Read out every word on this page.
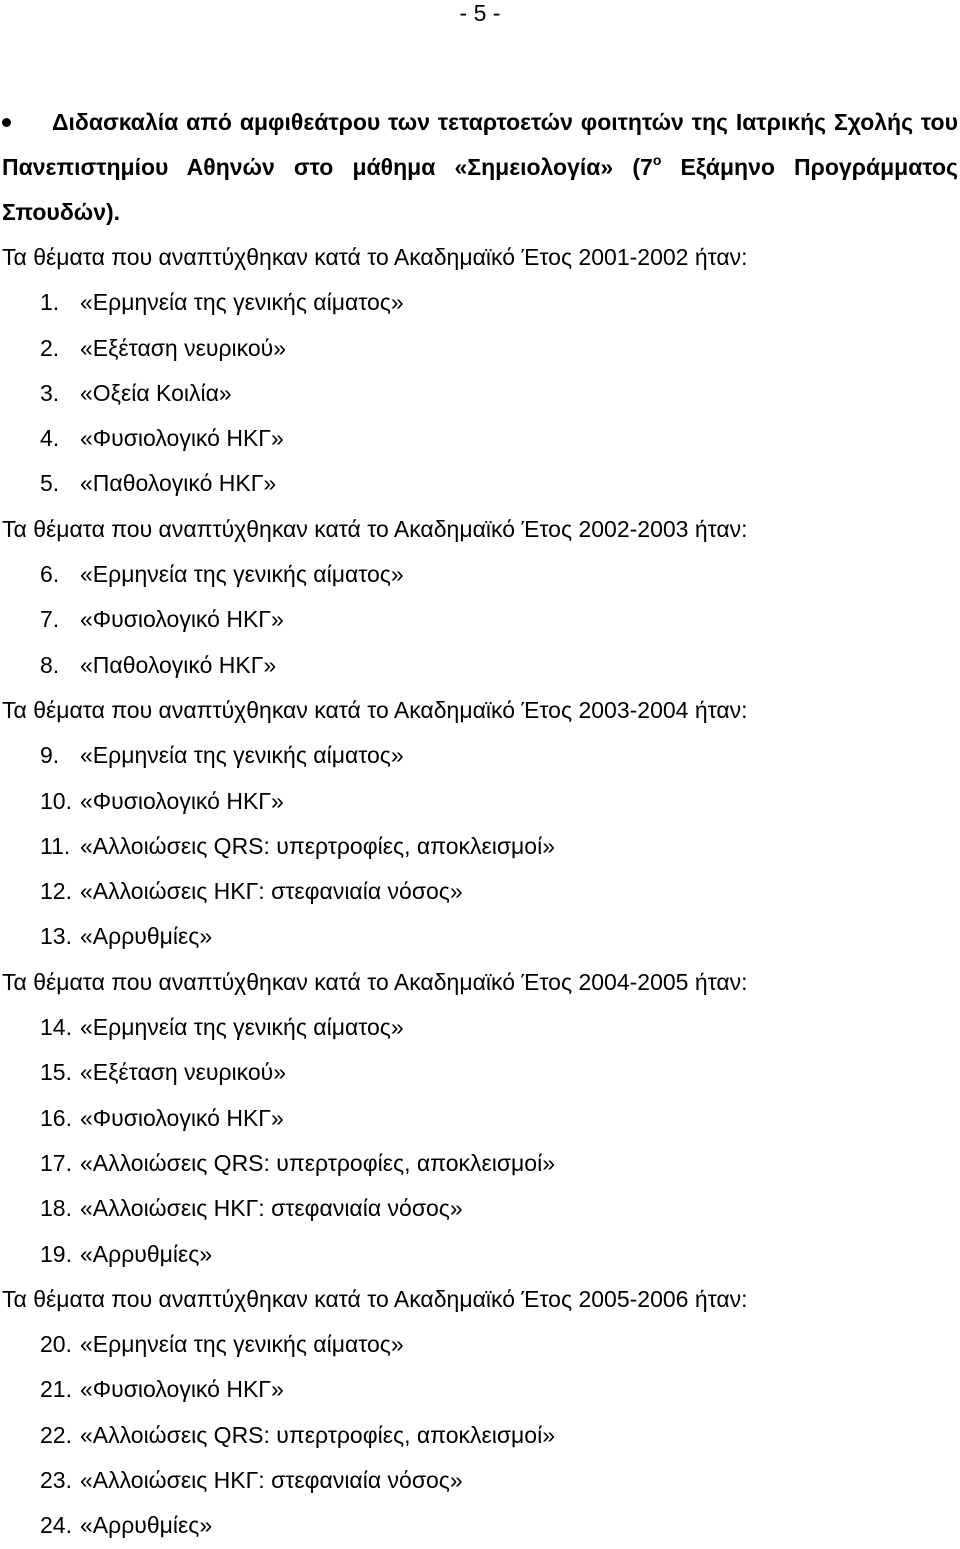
- 5 -

Διδασκαλία από αμφιθεάτρου των τεταρτοετών φοιτητών της Ιατρικής Σχολής του Πανεπιστημίου Αθηνών στο μάθημα «Σημειολογία» ($7^o$ Εξάμηνο Προγράμματος Σπουδών).

Τα θέματα που αναπτύχθηκαν κατά το Ακαδημαϊκό Έτος 2001-2002 ήταν:
1. «Ερμηνεία της γενικής αίματος»
2. «Εξέταση νευρικού»
3. «Οξεία Κοιλία»
4. «Φυσιολογικό ΗΚΓ»
5. «Παθολογικό ΗΚΓ»
Τα θέματα που αναπτύχθηκαν κατά το Ακαδημαϊκό Έτος 2002-2003 ήταν:
6. «Ερμηνεία της γενικής αίματος»
7. «Φυσιολογικό ΗΚΓ»
8. «Παθολογικό ΗΚΓ»
Τα θέματα που αναπτύχθηκαν κατά το Ακαδημαϊκό Έτος 2003-2004 ήταν:
9. «Ερμηνεία της γενικής αίματος»
10. «Φυσιολογικό ΗΚΓ»
11. «Αλλοιώσεις QRS: υπερτροφίες, αποκλεισμοί»
12. «Αλλοιώσεις ΗΚΓ: στεφανιαία νόσος»
13. «Αρρυθμίες»
Τα θέματα που αναπτύχθηκαν κατά το Ακαδημαϊκό Έτος 2004-2005 ήταν:
14. «Ερμηνεία της γενικής αίματος»
15. «Εξέταση νευρικού»
16. «Φυσιολογικό ΗΚΓ»
17. «Αλλοιώσεις QRS: υπερτροφίες, αποκλεισμοί»
18. «Αλλοιώσεις ΗΚΓ: στεφανιαία νόσος»
19. «Αρρυθμίες»
Τα θέματα που αναπτύχθηκαν κατά το Ακαδημαϊκό Έτος 2005-2006 ήταν:
20. «Ερμηνεία της γενικής αίματος»
21. «Φυσιολογικό ΗΚΓ»
22. «Αλλοιώσεις QRS: υπερτροφίες, αποκλεισμοί»
23. «Αλλοιώσεις ΗΚΓ: στεφανιαία νόσος»
24. «Αρρυθμίες»
